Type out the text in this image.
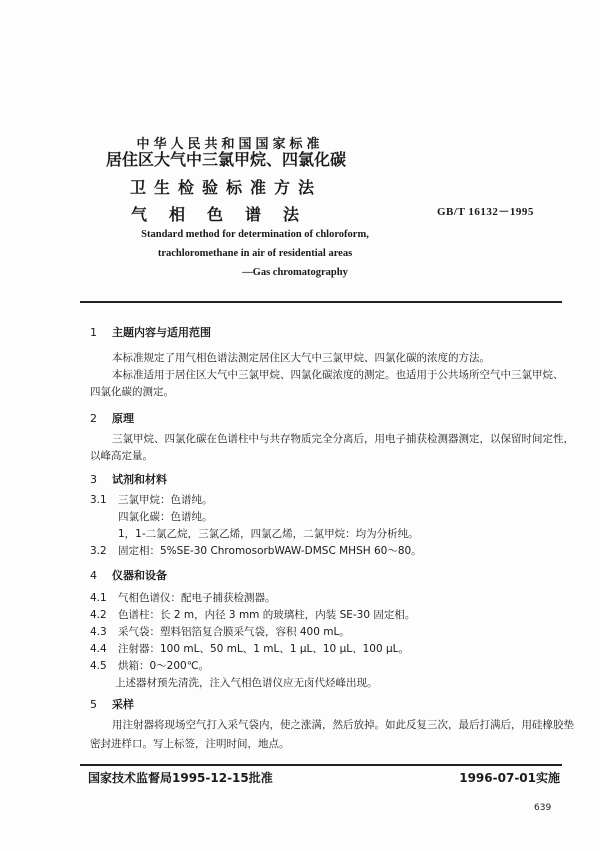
中华人民共和国国家标准
居住区大气中三氯甲烷、四氯化碳
卫生检验标准方法
气相色谱法	GB/T 16132－1995
Standard method for determination of chloroform,
trachloromethane in air of residential areas
—Gas chromatography
1 主题内容与适用范围
本标准规定了用气相色谱法测定居住区大气中三氯甲烷、四氯化碳的浓度的方法。
本标准适用于居住区大气中三氯甲烷、四氯化碳浓度的测定。也适用于公共场所空气中三氯甲烷、
四氯化碳的测定。
2 原理
三氯甲烷、四氯化碳在色谱柱中与共存物质完全分离后，用电子捕获检测器测定，以保留时间定性，
以峰高定量。
3 试剂和材料
3.1 三氯甲烷：色谱纯。
四氯化碳：色谱纯。
1，1-二氯乙烷，三氯乙烯，四氯乙烯，二氯甲烷：均为分析纯。
3.2 固定相：5%SE-30 ChromosorbWAW-DMSC MHSH 60～80。
4 仪器和设备
4.1 气相色谱仪：配电子捕获检测器。
4.2 色谱柱：长 2 m，内径 3 mm 的玻璃柱，内装 SE-30 固定相。
4.3 采气袋：塑料铝箔复合膜采气袋，容积 400 mL。
4.4 注射器：100 mL、50 mL、1 mL、1 μL、10 μL、100 μL。
4.5 烘箱：0～200℃。
上述器材预先清洗，注入气相色谱仪应无卤代烃峰出现。
5 采样
用注射器将现场空气打入采气袋内，使之涨满，然后放掉。如此反复三次，最后打满后，用硅橡胶垫
密封进样口。写上标签，注明时间，地点。
国家技术监督局1995-12-15批准	1996-07-01实施
639
